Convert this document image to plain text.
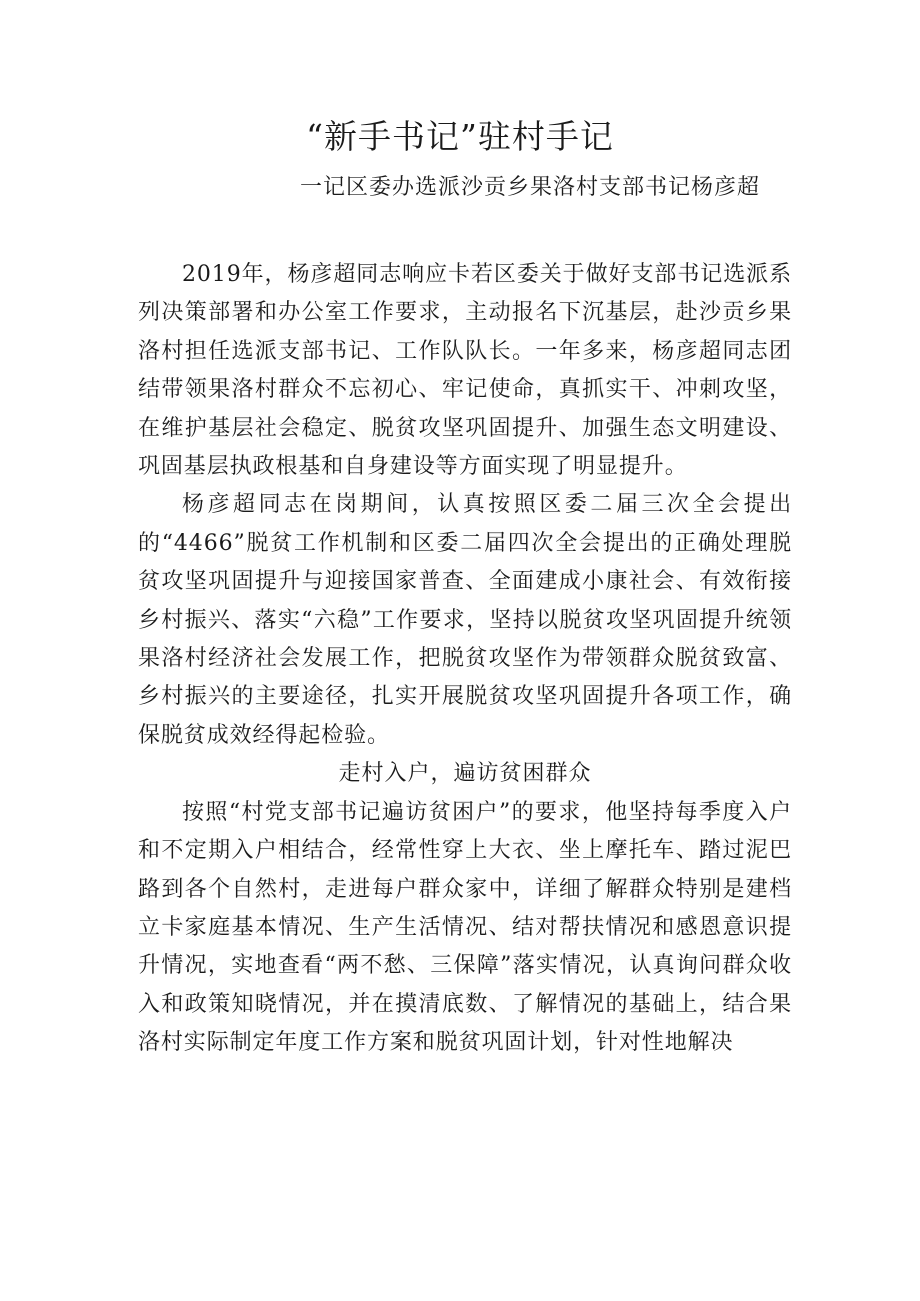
“新手书记”驻村手记

一记区委办选派沙贡乡果洛村支部书记杨彦超

2019年，杨彦超同志响应卡若区委关于做好支部书记选派系列决策部署和办公室工作要求，主动报名下沉基层，赴沙贡乡果洛村担任选派支部书记、工作队队长。一年多来，杨彦超同志团结带领果洛村群众不忘初心、牢记使命，真抓实干、冲刺攻坚，在维护基层社会稳定、脱贫攻坚巩固提升、加强生态文明建设、巩固基层执政根基和自身建设等方面实现了明显提升。

杨彦超同志在岗期间，认真按照区委二届三次全会提出的“4466”脱贫工作机制和区委二届四次全会提出的正确处理脱贫攻坚巩固提升与迎接国家普查、全面建成小康社会、有效衔接乡村振兴、落实“六稳”工作要求，坚持以脱贫攻坚巩固提升统领果洛村经济社会发展工作，把脱贫攻坚作为带领群众脱贫致富、乡村振兴的主要途径，扎实开展脱贫攻坚巩固提升各项工作，确保脱贫成效经得起检验。

走村入户，遍访贫困群众

按照“村党支部书记遍访贫困户”的要求，他坚持每季度入户和不定期入户相结合，经常性穿上大衣、坐上摩托车、踏过泥巴路到各个自然村，走进每户群众家中，详细了解群众特别是建档立卡家庭基本情况、生产生活情况、结对帮扶情况和感恩意识提升情况，实地查看“两不愁、三保障”落实情况，认真询问群众收入和政策知晓情况，并在摸清底数、了解情况的基础上，结合果洛村实际制定年度工作方案和脱贫巩固计划，针对性地解决
